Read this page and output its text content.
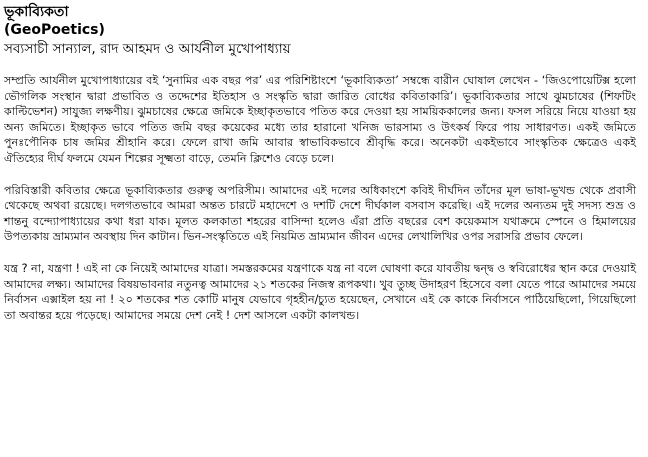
ভূকাব্যিকতা
(GeoPoetics)

সব্যসাচী সান্যাল, রাদ আহমদ ও আর্যনীল মুখোপাধ্যায়

সম্প্রতি আর্যনীল মুখোপাধ্যায়ের বই ‘সুনামির এক বছর পর’ এর পরিশিষ্টাংশে ‘ভূকাব্যিকতা’ সম্বন্ধে বারীন ঘোষাল লেখেন - ‘জিওপোয়েটিক্স হলো ভৌগলিক সংস্থান দ্বারা প্রভাবিত ও তদ্দেশের ইতিহাস ও সংস্কৃতি দ্বারা জারিত বোধের কবিতাকারি’। ভূকাব্যিকতার সাথে ঝুমচাষের (শিফটিং কাল্টিভেশন) সাযুজ্য লক্ষণীয়। ঝুমচাষের ক্ষেত্রে জমিকে ইচ্ছাকৃতভাবে পতিত করে দেওয়া হয় সাময়িককালের জন্য। ফসল সরিয়ে নিয়ে যাওয়া হয় অন্য জমিতে। ইচ্ছাকৃত ভাবে পতিত জমি বছর কয়েকের মধ্যে তার হারানো খনিজ ভারসাম্য ও উৎকর্ষ ফিরে পায় সাধারণত। একই জমিতে পুনঃপৌনিক চাষ জমির শ্রীহানি করে। ফেলে রাখা জমি আবার স্বাভাবিকভাবে শ্রীবৃদ্ধি করে। অনেকটা একইভাবে সাংস্কৃতিক ক্ষেত্রেও একই ঐতিহ্যের দীর্ঘ ফলমে যেমন শিল্পের সূক্ষ্মতা বাড়ে, তেমনি ক্লিশেও বেড়ে চলে।

পরিবিস্তারী কবিতার ক্ষেত্রে ভূকাব্যিকতার গুরুত্ব অপরিসীম। আমাদের এই দলের অধিকাংশে কবিই দীর্ঘদিন তাঁদের মূল ভাষা-ভূখন্ড থেকে প্রবাসী থেকেছে অথবা রয়েছে। দলগতভাবে আমরা অন্তত চারটে মহাদেশে ও দশটি দেশে দীর্ঘকাল বসবাস করেছি। এই দলের অন্যতম দুই সদস্য শুভ্র ও শান্তনু বন্দ্যোপাধ্যায়ের কথা ধরা যাক। মূলত কলকাতা শহরের বাসিন্দা হলেও এঁরা প্রতি বছরের বেশ কয়েকমাস যথাক্রমে স্পেনে ও হিমালয়ের উপত্যকায় ভ্রাম্যমান অবস্থায় দিন কাটান। ভিন-সংস্কৃতিতে এই নিয়মিত ভ্রাম্যমান জীবন এদের লেখালিখির ওপর সরাসরি প্রভাব ফেলে।

যন্ত্র ? না, যন্ত্রণা ! এই না কে নিয়েই আমাদের যাত্রা। সমস্তরকমের যন্ত্রণাকে যন্ত্র না বলে ঘোষণা করে যাবতীয় দ্বন্দ্ব ও স্ববিরোধের স্থান করে দেওয়াই আমাদের লক্ষ্য। আমাদের বিষয়ভাবনার নতুনত্ব আমাদের ২১ শতকের নিজস্ব রূপকথা। খুব তুচ্ছ উদাহরণ হিসেবে বলা যেতে পারে আমাদের সময়ে নির্বাসন এক্সাইল হয় না ! ২০ শতকের শত কোটি মানুষ যেভাবে গৃহহীন/চ্যুত হয়েছেন, সেখানে এই কে কাকে নির্বাসনে পাঠিয়েছিলো, গিয়েছিলো তা অবান্তর হয়ে পড়েছে। আমাদের সময়ে দেশ নেই ! দেশ আসলে একটা কালখন্ড।
